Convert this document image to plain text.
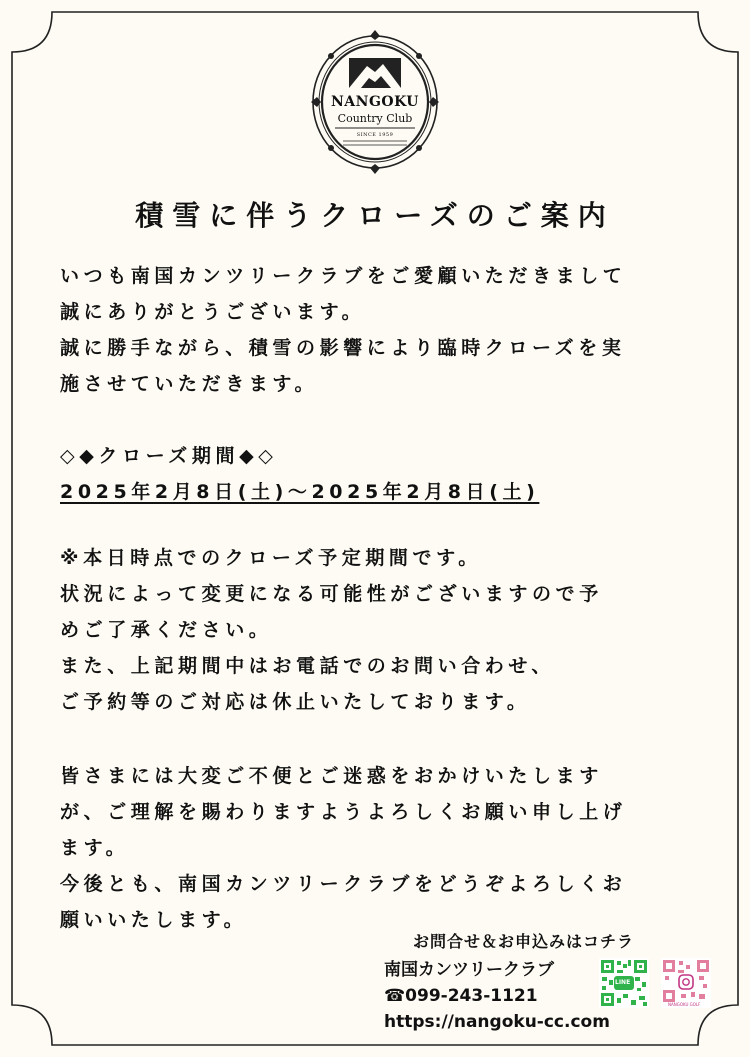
NANGOKU
Country Club
SINCE 1959
積雪に伴うクローズのご案内
いつも南国カンツリークラブをご愛顧いただきまして
誠にありがとうございます。
誠に勝手ながら、積雪の影響により臨時クローズを実
施させていただきます。
◇◆クローズ期間◆◇
2025年2月8日(土)～2025年2月8日(土)
※本日時点でのクローズ予定期間です。
状況によって変更になる可能性がございますので予
めご了承ください。
また、上記期間中はお電話でのお問い合わせ、
ご予約等のご対応は休止いたしております。
皆さまには大変ご不便とご迷惑をおかけいたします
が、ご理解を賜わりますようよろしくお願い申し上げ
ます。
今後とも、南国カンツリークラブをどうぞよろしくお
願いいたします。
お問合せ＆お申込みはコチラ
南国カンツリークラブ
☎099-243-1121
https://nangoku-cc.com
LINE
NANGOKU GOLF
